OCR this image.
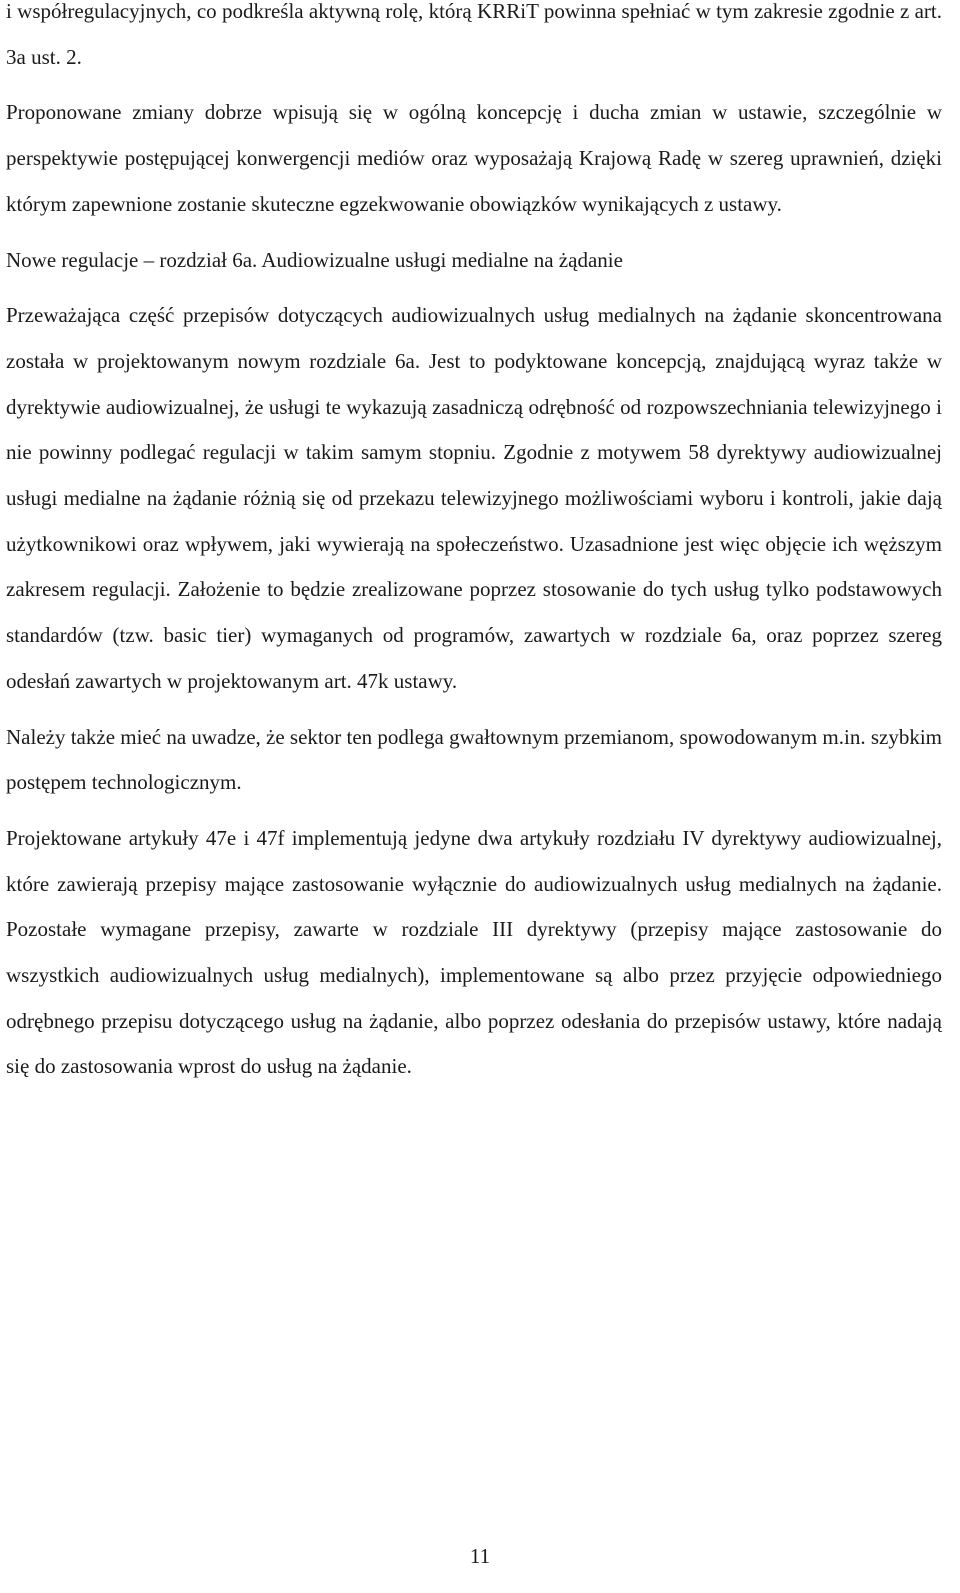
i współregulacyjnych, co podkreśla aktywną rolę, którą KRRiT powinna spełniać w tym zakresie zgodnie z art. 3a ust. 2.

Proponowane zmiany dobrze wpisują się w ogólną koncepcję i ducha zmian w ustawie, szczególnie w perspektywie postępującej konwergencji mediów oraz wyposażają Krajową Radę w szereg uprawnień, dzięki którym zapewnione zostanie skuteczne egzekwowanie obowiązków wynikających z ustawy.

Nowe regulacje – rozdział 6a. Audiowizualne usługi medialne na żądanie

Przeważająca część przepisów dotyczących audiowizualnych usług medialnych na żądanie skoncentrowana została w projektowanym nowym rozdziale 6a. Jest to podyktowane koncepcją, znajdującą wyraz także w dyrektywie audiowizualnej, że usługi te wykazują zasadniczą odrębność od rozpowszechniania telewizyjnego i nie powinny podlegać regulacji w takim samym stopniu. Zgodnie z motywem 58 dyrektywy audiowizualnej usługi medialne na żądanie różnią się od przekazu telewizyjnego możliwościami wyboru i kontroli, jakie dają użytkownikowi oraz wpływem, jaki wywierają na społeczeństwo. Uzasadnione jest więc objęcie ich węższym zakresem regulacji. Założenie to będzie zrealizowane poprzez stosowanie do tych usług tylko podstawowych standardów (tzw. basic tier) wymaganych od programów, zawartych w rozdziale 6a, oraz poprzez szereg odesłań zawartych w projektowanym art. 47k ustawy.

Należy także mieć na uwadze, że sektor ten podlega gwałtownym przemianom, spowodowanym m.in. szybkim postępem technologicznym.

Projektowane artykuły 47e i 47f implementują jedyne dwa artykuły rozdziału IV dyrektywy audiowizualnej, które zawierają przepisy mające zastosowanie wyłącznie do audiowizualnych usług medialnych na żądanie. Pozostałe wymagane przepisy, zawarte w rozdziale III dyrektywy (przepisy mające zastosowanie do wszystkich audiowizualnych usług medialnych), implementowane są albo przez przyjęcie odpowiedniego odrębnego przepisu dotyczącego usług na żądanie, albo poprzez odesłania do przepisów ustawy, które nadają się do zastosowania wprost do usług na żądanie.

11
